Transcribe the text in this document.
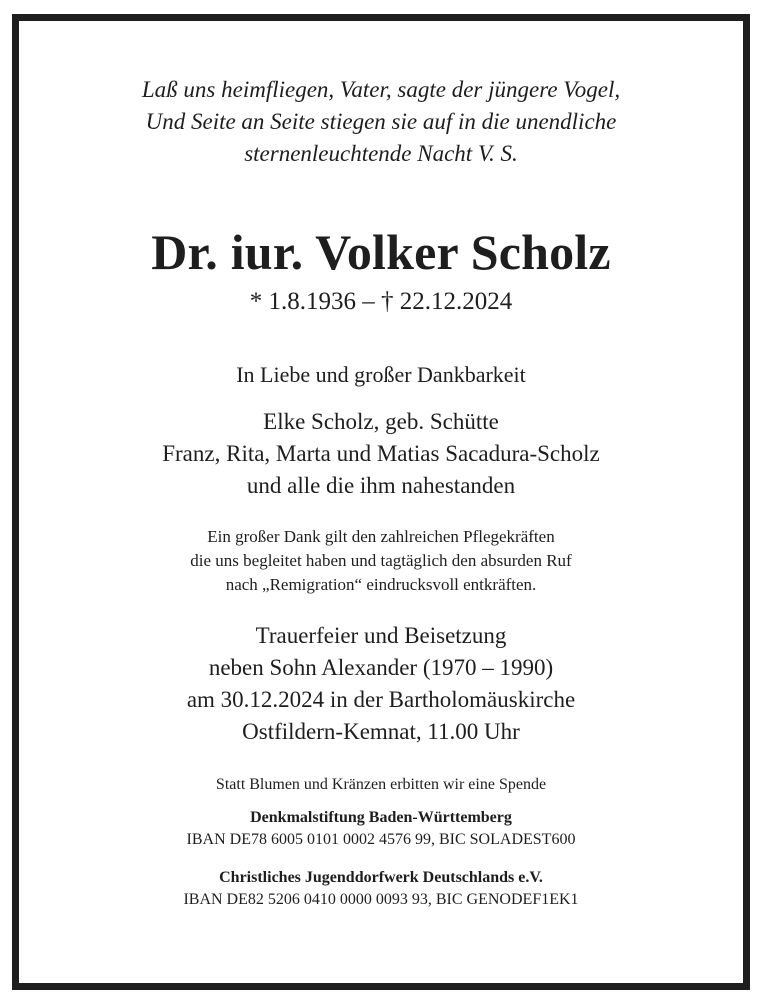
Laß uns heimfliegen, Vater, sagte der jüngere Vogel,
Und Seite an Seite stiegen sie auf in die unendliche
sternenleuchtende Nacht V. S.
Dr. iur. Volker Scholz
* 1.8.1936 – † 22.12.2024
In Liebe und großer Dankbarkeit
Elke Scholz, geb. Schütte
Franz, Rita, Marta und Matias Sacadura-Scholz
und alle die ihm nahestanden
Ein großer Dank gilt den zahlreichen Pflegekräften
die uns begleitet haben und tagtäglich den absurden Ruf
nach „Remigration“ eindrucksvoll entkräften.
Trauerfeier und Beisetzung
neben Sohn Alexander (1970 – 1990)
am 30.12.2024 in der Bartholomäuskirche
Ostfildern-Kemnat, 11.00 Uhr
Statt Blumen und Kränzen erbitten wir eine Spende
Denkmalstiftung Baden-Württemberg
IBAN DE78 6005 0101 0002 4576 99, BIC SOLADEST600
Christliches Jugenddorfwerk Deutschlands e.V.
IBAN DE82 5206 0410 0000 0093 93, BIC GENODEF1EK1
